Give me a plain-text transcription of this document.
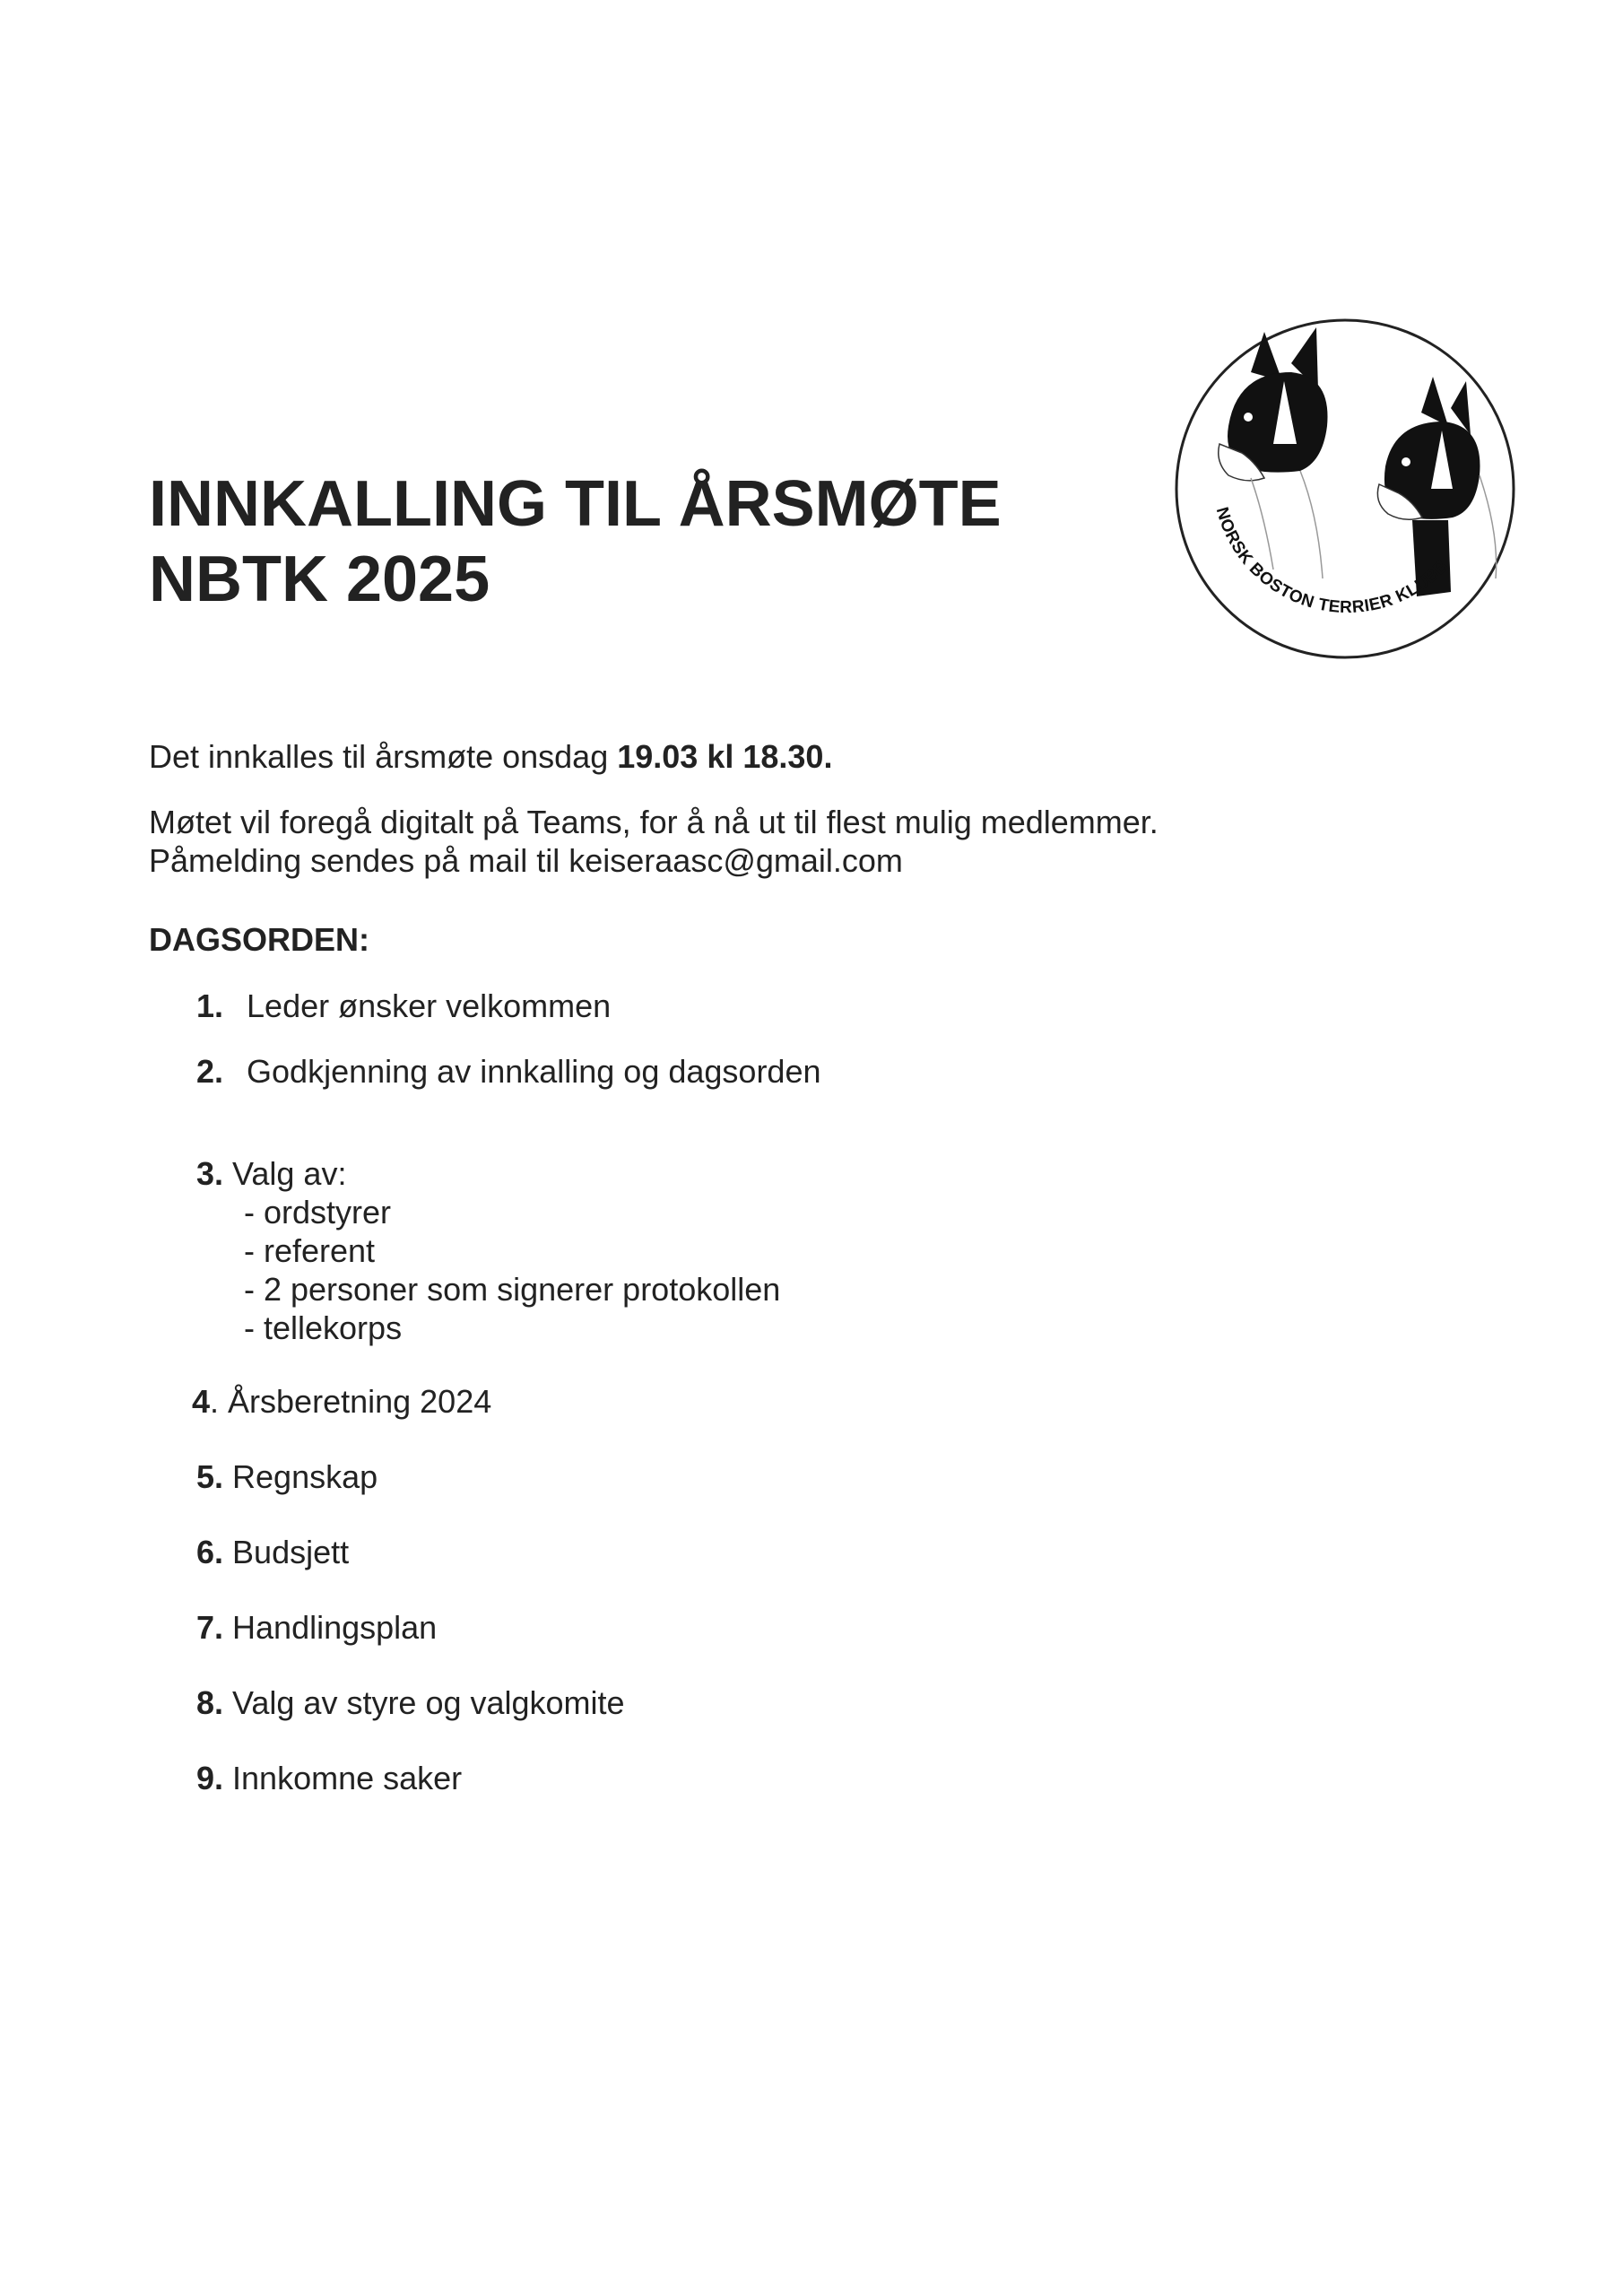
NORSK BOSTON TERRIER KLUBB
INNKALLING TIL ÅRSMØTE
NBTK 2025

Det innkalles til årsmøte onsdag 19.03 kl 18.30.

Møtet vil foregå digitalt på Teams, for å nå ut til flest mulig medlemmer.
Påmelding sendes på mail til keiseraasc@gmail.com

DAGSORDEN:

1. Leder ønsker velkommen
2. Godkjenning av innkalling og dagsorden
3. Valg av:
- ordstyrer
- referent
- 2 personer som signerer protokollen
- tellekorps
4. Årsberetning 2024
5. Regnskap
6. Budsjett
7. Handlingsplan
8. Valg av styre og valgkomite
9. Innkomne saker
